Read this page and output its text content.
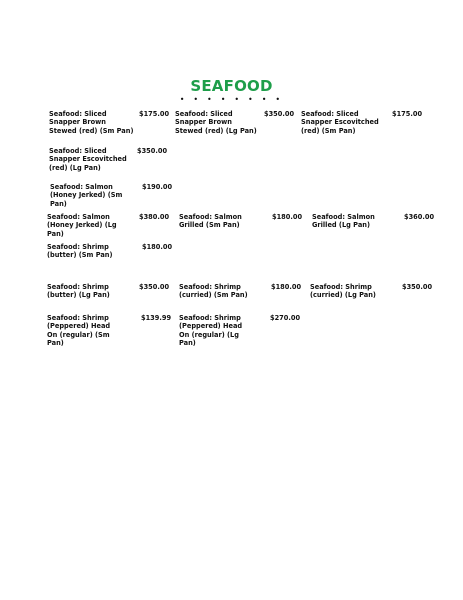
SEAFOOD
• • • • • • • •
Seafood: Sliced Snapper Brown Stewed (red) (Sm Pan)
$175.00 Seafood: Sliced Snapper Brown Stewed (red) (Lg Pan)
$350.00 Seafood: Sliced Snapper Escovitched (red) (Sm Pan)
$175.00
Seafood: Sliced Snapper Escovitched (red) (Lg Pan)
$350.00
Seafood: Salmon (Honey Jerked) (Sm Pan)
$190.00
Seafood: Salmon (Honey Jerked) (Lg Pan)
$380.00 Seafood: Salmon Grilled (Sm Pan)
$180.00 Seafood: Salmon Grilled (Lg Pan)
$360.00
Seafood: Shrimp (butter) (Sm Pan)
$180.00
Seafood: Shrimp (butter) (Lg Pan)
$350.00 Seafood: Shrimp (curried) (Sm Pan)
$180.00 Seafood: Shrimp (curried) (Lg Pan)
$350.00
Seafood: Shrimp (Peppered) Head On (regular) (Sm Pan)
$139.99 Seafood: Shrimp (Peppered) Head On (regular) (Lg Pan)
$270.00
